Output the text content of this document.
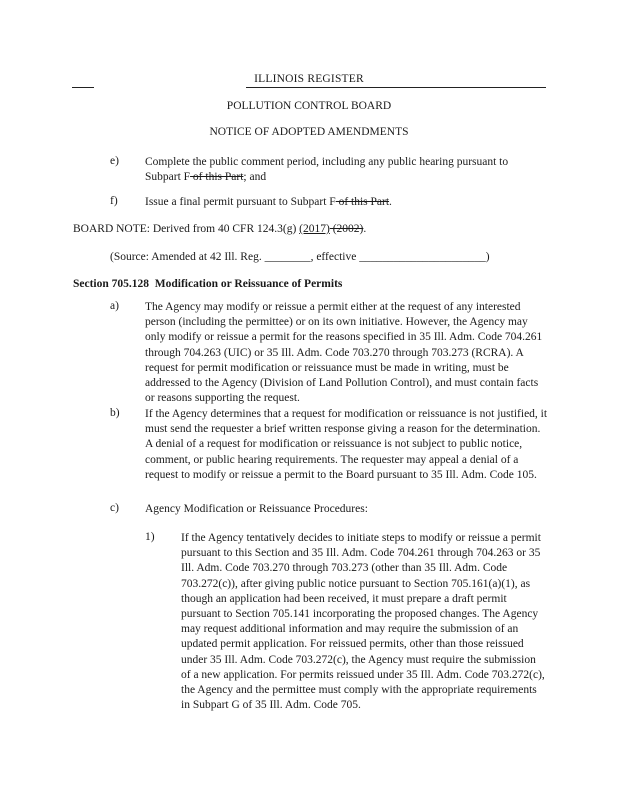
ILLINOIS REGISTER
POLLUTION CONTROL BOARD
NOTICE OF ADOPTED AMENDMENTS
e) Complete the public comment period, including any public hearing pursuant to Subpart F of this Part; and
f) Issue a final permit pursuant to Subpart F of this Part.
BOARD NOTE: Derived from 40 CFR 124.3(g) (2017) (2002).
(Source: Amended at 42 Ill. Reg. ________, effective ______________________)
Section 705.128 Modification or Reissuance of Permits
a) The Agency may modify or reissue a permit either at the request of any interested person (including the permittee) or on its own initiative. However, the Agency may only modify or reissue a permit for the reasons specified in 35 Ill. Adm. Code 704.261 through 704.263 (UIC) or 35 Ill. Adm. Code 703.270 through 703.273 (RCRA). A request for permit modification or reissuance must be made in writing, must be addressed to the Agency (Division of Land Pollution Control), and must contain facts or reasons supporting the request.
b) If the Agency determines that a request for modification or reissuance is not justified, it must send the requester a brief written response giving a reason for the determination. A denial of a request for modification or reissuance is not subject to public notice, comment, or public hearing requirements. The requester may appeal a denial of a request to modify or reissue a permit to the Board pursuant to 35 Ill. Adm. Code 105.
c) Agency Modification or Reissuance Procedures:
1) If the Agency tentatively decides to initiate steps to modify or reissue a permit pursuant to this Section and 35 Ill. Adm. Code 704.261 through 704.263 or 35 Ill. Adm. Code 703.270 through 703.273 (other than 35 Ill. Adm. Code 703.272(c)), after giving public notice pursuant to Section 705.161(a)(1), as though an application had been received, it must prepare a draft permit pursuant to Section 705.141 incorporating the proposed changes. The Agency may request additional information and may require the submission of an updated permit application. For reissued permits, other than those reissued under 35 Ill. Adm. Code 703.272(c), the Agency must require the submission of a new application. For permits reissued under 35 Ill. Adm. Code 703.272(c), the Agency and the permittee must comply with the appropriate requirements in Subpart G of 35 Ill. Adm. Code 705.
